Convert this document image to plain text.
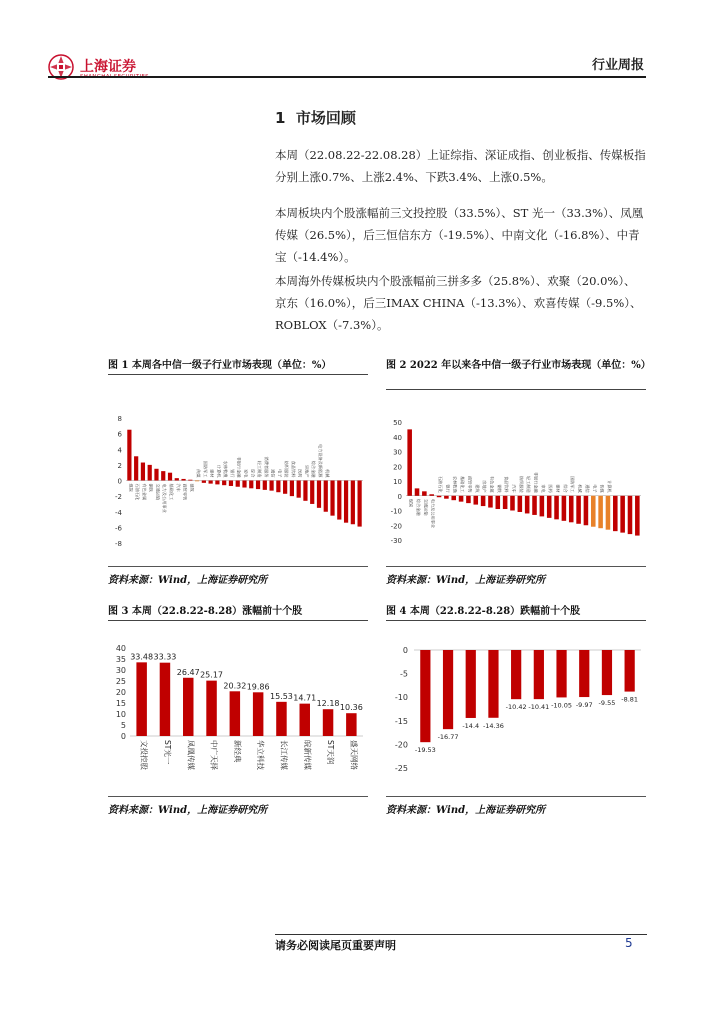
上海证券	行业周报
1 市场回顾
本周（22.08.22-22.08.28）上证综指、深证成指、创业板指、传媒板指分别上涨0.7%、上涨2.4%、下跌3.4%、上涨0.5%。
本周板块内个股涨幅前三文投控股（33.5%）、ST 光一（33.3%）、凤凰传媒（26.5%），后三恒信东方（-19.5%）、中南文化（-16.8%）、中青宝（-14.4%）。
本周海外传媒板块内个股涨幅前三拼多多（25.8%）、欢聚（20.0%）、京东（16.0%），后三IMAX CHINA（-13.3%）、欢喜传媒（-9.5%）、ROBLOX（-7.3%）。
图 1 本周各中信一级子行业市场表现（单位：%）	图 2 2022 年以来各中信一级子行业市场表现（单位：%）
8
6
4
2
0
-2
-4
-6
-8
煤炭 石油石化 有色金属 钢铁 交通运输 电力及公用事业 基础化工 汽车 商贸零售 建筑
传媒 国防军工 建材 计算机 农林牧渔 银行 非银行金融 家电 综合 轻工制造 消费者服务 通信 电子 纺织服装 食品饮料 医药 房地产 综合金融 电力设备及新能源 机械
50
40
30
20
10
0
-10
-20
-30
煤炭 综合金融 交通运输 电力及公用事业
石油石化 银行 农林牧渔 基础化工 商贸零售 建筑 房地产 有色金属 钢铁 食品饮料 汽车 纺织服装 轻工制造 非银行金融 家电 医药 建材 综合 国防军工 机械 通信 电子 传媒 计算机
资料来源：Wind，上海证券研究所	资料来源：Wind，上海证券研究所
图 3 本周（22.8.22-8.28）涨幅前十个股	图 4 本周（22.8.22-8.28）跌幅前十个股
40
35
30
25
20
15
10
5
0
33.48 33.33
26.47 25.17
20.32 19.86
15.53 14.71
12.18 10.36
文投控股 ST光一 凤凰传媒 中广天择 新经典 华立科技 长江传媒 皖新传媒 ST天润 盛天网络
0
-5
-10
-15
-20
-25
-19.53
-16.77
-14.4 -14.36
-10.42 -10.41 -10.05 -9.97 -9.55 -8.81
资料来源：Wind，上海证券研究所	资料来源：Wind，上海证券研究所
请务必阅读尾页重要声明	5
